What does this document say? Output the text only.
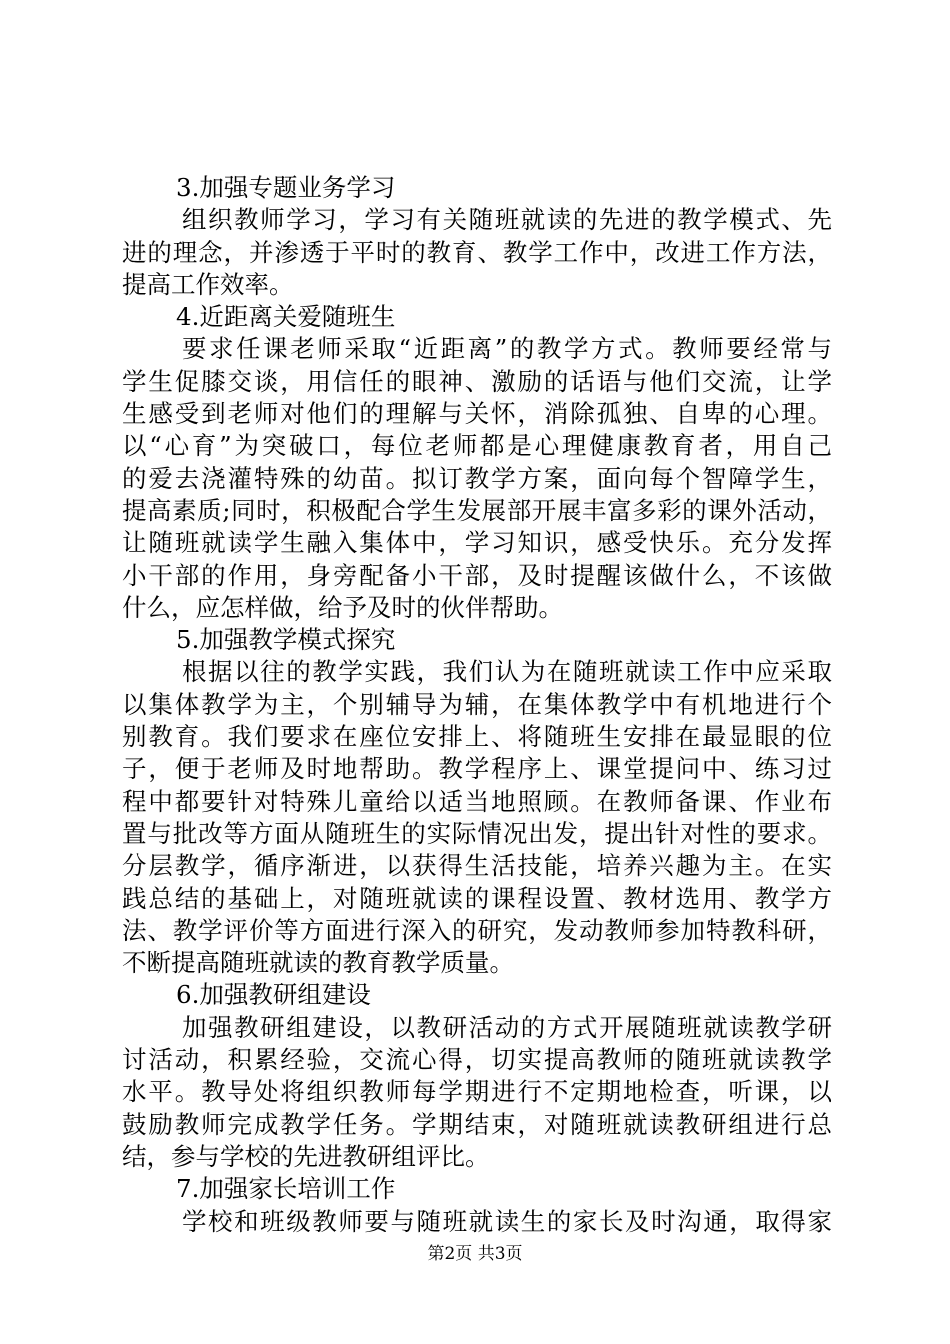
3.加强专题业务学习
组织教师学习，学习有关随班就读的先进的教学模式、先
进的理念，并渗透于平时的教育、教学工作中，改进工作方法，
提高工作效率。
4.近距离关爱随班生
要求任课老师采取“近距离”的教学方式。教师要经常与
学生促膝交谈，用信任的眼神、激励的话语与他们交流，让学
生感受到老师对他们的理解与关怀，消除孤独、自卑的心理。
以“心育”为突破口，每位老师都是心理健康教育者，用自己
的爱去浇灌特殊的幼苗。拟订教学方案，面向每个智障学生，
提高素质;同时，积极配合学生发展部开展丰富多彩的课外活动，
让随班就读学生融入集体中，学习知识，感受快乐。充分发挥
小干部的作用，身旁配备小干部，及时提醒该做什么，不该做
什么，应怎样做，给予及时的伙伴帮助。
5.加强教学模式探究
根据以往的教学实践，我们认为在随班就读工作中应采取
以集体教学为主，个别辅导为辅，在集体教学中有机地进行个
别教育。我们要求在座位安排上、将随班生安排在最显眼的位
子，便于老师及时地帮助。教学程序上、课堂提问中、练习过
程中都要针对特殊儿童给以适当地照顾。在教师备课、作业布
置与批改等方面从随班生的实际情况出发，提出针对性的要求。
分层教学，循序渐进，以获得生活技能，培养兴趣为主。在实
践总结的基础上，对随班就读的课程设置、教材选用、教学方
法、教学评价等方面进行深入的研究，发动教师参加特教科研，
不断提高随班就读的教育教学质量。
6.加强教研组建设
加强教研组建设，以教研活动的方式开展随班就读教学研
讨活动，积累经验，交流心得，切实提高教师的随班就读教学
水平。教导处将组织教师每学期进行不定期地检查，听课，以
鼓励教师完成教学任务。学期结束，对随班就读教研组进行总
结，参与学校的先进教研组评比。
7.加强家长培训工作
学校和班级教师要与随班就读生的家长及时沟通，取得家
第2页 共3页
